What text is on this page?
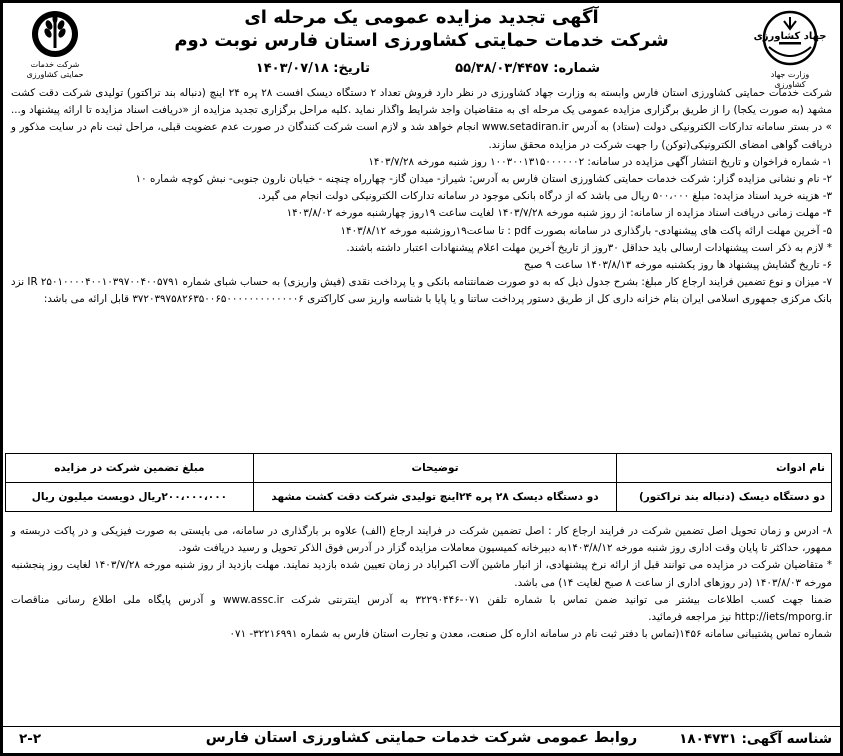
جهاد کشاورزی
وزارت جهاد کشاورزی
شرکت خدمات حمایتی کشاورزی
آگهی تجدید مزایده عمومی یک مرحله ای
شرکت خدمات حمایتی کشاورزی استان فارس نوبت دوم
شماره: ۵۵/۳۸/۰۳/۴۴۵۷
تاریخ: ۱۴۰۳/۰۷/۱۸

شرکت خدمات حمایتی کشاورزی استان فارس وابسته به وزارت جهاد کشاورزی در نظر دارد فروش تعداد ۲ دستگاه دیسک افست ۲۸ پره ۲۴ اینچ (دنباله بند تراکتور) تولیدی شرکت دقت کشت مشهد (به صورت یکجا) را از طریق برگزاری مزایده عمومی یک مرحله ای به متقاضیان واجد شرایط واگذار نماید .کلیه مراحل برگزاری تجدید مزایده از «دریافت اسناد مزایده تا ارائه پیشنهاد و... » در بستر سامانه تدارکات الکترونیکی دولت (ستاد) به آدرس www.setadiran.ir انجام خواهد شد و لازم است شرکت کنندگان در صورت عدم عضویت قبلی، مراحل ثبت نام در سایت مذکور و دریافت گواهی امضای الکترونیکی(توکن) را جهت شرکت در مزایده محقق سازند.

۱- شماره فراخوان و تاریخ انتشار آگهی مزایده در سامانه: ۱۰۰۳۰۰۱۳۱۵۰۰۰۰۰۰۲ روز شنبه مورخه ۱۴۰۳/۷/۲۸

۲- نام و نشانی مزایده گزار: شرکت خدمات حمایتی کشاورزی استان فارس به آدرس: شیراز- میدان گاز- چهارراه چنچنه - خیابان نارون جنوبی- نبش کوچه شماره ۱۰

۳- هزینه خرید اسناد مزایده: مبلغ ۵۰۰،۰۰۰ ریال می باشد که از درگاه بانکی موجود در سامانه تدارکات الکترونیکی دولت انجام می گیرد.

۴- مهلت زمانی دریافت اسناد مزایده از سامانه: از روز شنبه مورخه ۱۴۰۳/۷/۲۸ لغایت ساعت ۱۹روز چهارشنبه مورخه ۱۴۰۳/۸/۰۲

۵- آخرین مهلت ارائه پاکت های پیشنهادی- بارگذاری در سامانه بصورت pdf : تا ساعت۱۹روزشنبه مورخه ۱۴۰۳/۸/۱۲

* لازم به ذکر است پیشنهادات ارسالی باید حداقل ۳۰روز از تاریخ آخرین مهلت اعلام پیشنهادات اعتبار داشته باشند.

۶- تاریخ گشایش پیشنهاد ها روز یکشنبه مورخه ۱۴۰۳/۸/۱۳ ساعت ۹ صبح

۷- میزان و نوع تضمین فرایند ارجاع کار مبلغ: بشرح جدول ذیل که به دو صورت ضمانتنامه بانکی و یا پرداخت نقدی (فیش واریزی) به حساب شبای شماره IR ۲۵۰۱۰۰۰۰۴۰۰۱۰۳۹۷۰۰۴۰۰۵۷۹۱ نزد بانک مرکزی جمهوری اسلامی ایران بنام خزانه داری کل از طریق دستور پرداخت ساتنا و یا پایا با شناسه واریز سی کاراکتری ۳۷۲۰۳۹۷۵۸۲۶۳۵۰۰۶۵۰۰۰۰۰۰۰۰۰۰۰۰۰۶ قابل ارائه می باشد:

نام ادوات	توضیحات	مبلغ تضمین شرکت در مزایده
دو دستگاه دیسک (دنباله بند تراکتور)	دو دستگاه دیسک ۲۸ پره ۲۴اینچ تولیدی شرکت دقت کشت مشهد	۲۰۰،۰۰۰،۰۰۰ریال دویست میلیون ریال

۸- ادرس و زمان تحویل اصل تضمین شرکت در فرایند ارجاع کار : اصل تضمین شرکت در فرایند ارجاع (الف) علاوه بر بارگذاری در سامانه، می بایستی به صورت فیزیکی و در پاکت دربسته و ممهور، حداکثر تا پایان وقت اداری روز شنبه مورخه ۱۴۰۳/۸/۱۲به دبیرخانه کمیسیون معاملات مزایده گزار در آدرس فوق الذکر تحویل و رسید دریافت شود.

* متقاضیان شرکت در مزایده می توانند قبل از ارائه نرخ پیشنهادی، از انبار ماشین آلات اکبراباد در زمان تعیین شده بازدید نمایند. مهلت بازدید از روز شنبه مورخه ۱۴۰۳/۷/۲۸ لغایت روز پنجشنبه مورخه ۱۴۰۳/۸/۰۳ (در روزهای اداری از ساعت ۸ صبح لغایت ۱۴) می باشد.

ضمنا جهت کسب اطلاعات بیشتر می توانید ضمن تماس با شماره تلفن ۰۷۱-۳۲۲۹۰۴۴۶ به آدرس اینترنتی شرکت www.assc.ir و آدرس پایگاه ملی اطلاع رسانی مناقصات http://iets/mporg.ir نیز مراجعه فرمائید.

شماره تماس پشتیبانی سامانه ۱۴۵۶(تماس با دفتر ثبت نام در سامانه اداره کل صنعت، معدن و تجارت استان فارس به شماره ۳۲۲۱۶۹۹۱- ۰۷۱

شناسه آگهی: ۱۸۰۴۷۳۱
روابط عمومی شرکت خدمات حمایتی کشاورزی استان فارس
۲-۲
